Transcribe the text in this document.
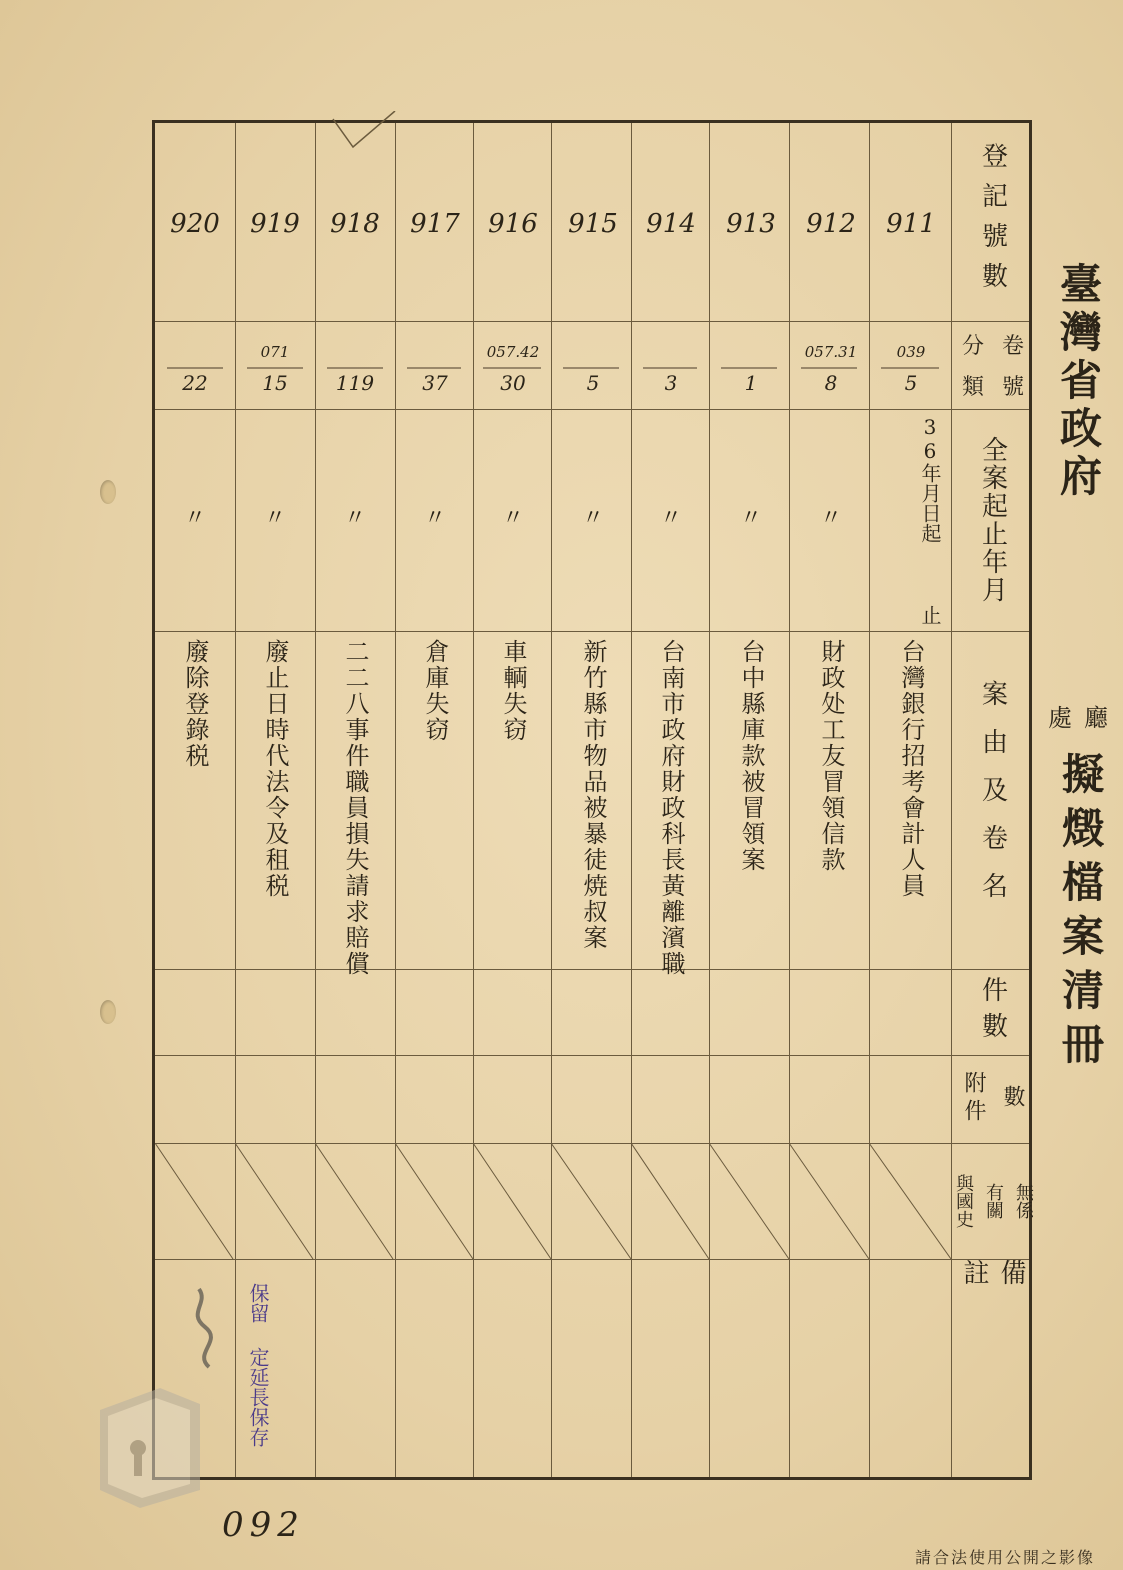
臺灣省政府
處 廳
擬燬檔案清冊
登記號數
分 卷
類 號
全案起止年月
案由及卷名
件數
附件 數
與國史 有關 無係
備註
911
912
913
914
915
916
917
918
919
920
039
5
057.31
8
1
3
5
057.42
30
37
119
071
15
22
36年月日起
止
〃
〃
〃
〃
〃
〃
〃
〃
〃
台灣銀行招考會計人員
財政处工友冒領信款
台中縣庫款被冒領案
台南市政府財政科長黃離濱職
新竹縣市物品被暴徒焼叔案
車輌失窃
倉庫失窃
二二八事件職員損失請求賠償
廢止日時代法令及租税
廢除登錄税
保留 定延長保存
092
請合法使用公開之影像
